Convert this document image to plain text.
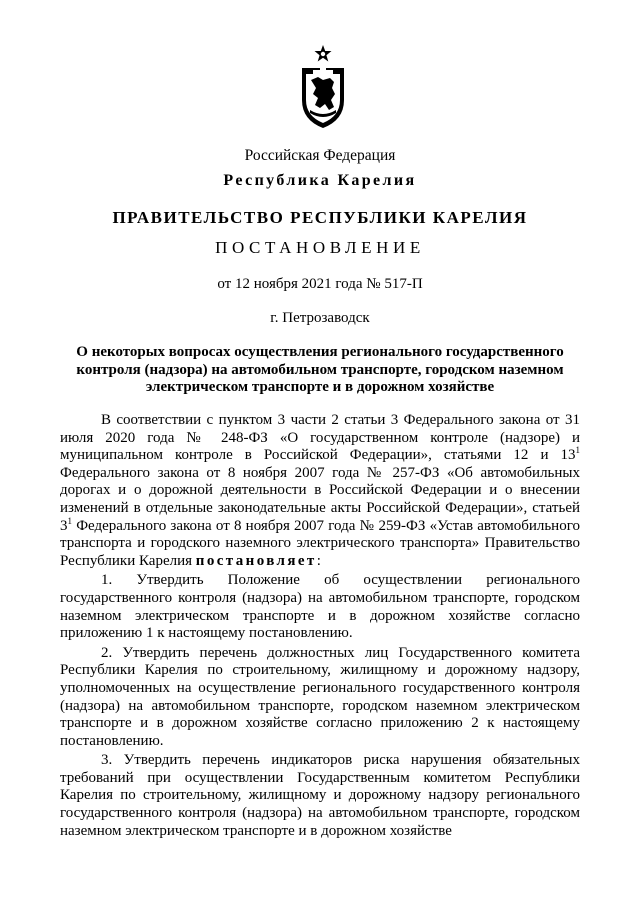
Российская Федерация
Республика Карелия
ПРАВИТЕЛЬСТВО РЕСПУБЛИКИ КАРЕЛИЯ
ПОСТАНОВЛЕНИЕ
от 12 ноября 2021 года № 517-П
г. Петрозаводск
О некоторых вопросах осуществления регионального государственного контроля (надзора) на автомобильном транспорте, городском наземном электрическом транспорте и в дорожном хозяйстве

В соответствии с пунктом 3 части 2 статьи 3 Федерального закона от 31 июля 2020 года № 248-ФЗ «О государственном контроле (надзоре) и муниципальном контроле в Российской Федерации», статьями 12 и $13^1$ Федерального закона от 8 ноября 2007 года № 257-ФЗ «Об автомобильных дорогах и о дорожной деятельности в Российской Федерации и о внесении изменений в отдельные законодательные акты Российской Федерации», статьей $3^1$ Федерального закона от 8 ноября 2007 года № 259-ФЗ «Устав автомобильного транспорта и городского наземного электрического транспорта» Правительство Республики Карелия постановляет:

1. Утвердить Положение об осуществлении регионального государственного контроля (надзора) на автомобильном транспорте, городском наземном электрическом транспорте и в дорожном хозяйстве согласно приложению 1 к настоящему постановлению.

2. Утвердить перечень должностных лиц Государственного комитета Республики Карелия по строительному, жилищному и дорожному надзору, уполномоченных на осуществление регионального государственного контроля (надзора) на автомобильном транспорте, городском наземном электрическом транспорте и в дорожном хозяйстве согласно приложению 2 к настоящему постановлению.

3. Утвердить перечень индикаторов риска нарушения обязательных требований при осуществлении Государственным комитетом Республики Карелия по строительному, жилищному и дорожному надзору регионального государственного контроля (надзора) на автомобильном транспорте, городском наземном электрическом транспорте и в дорожном хозяйстве
